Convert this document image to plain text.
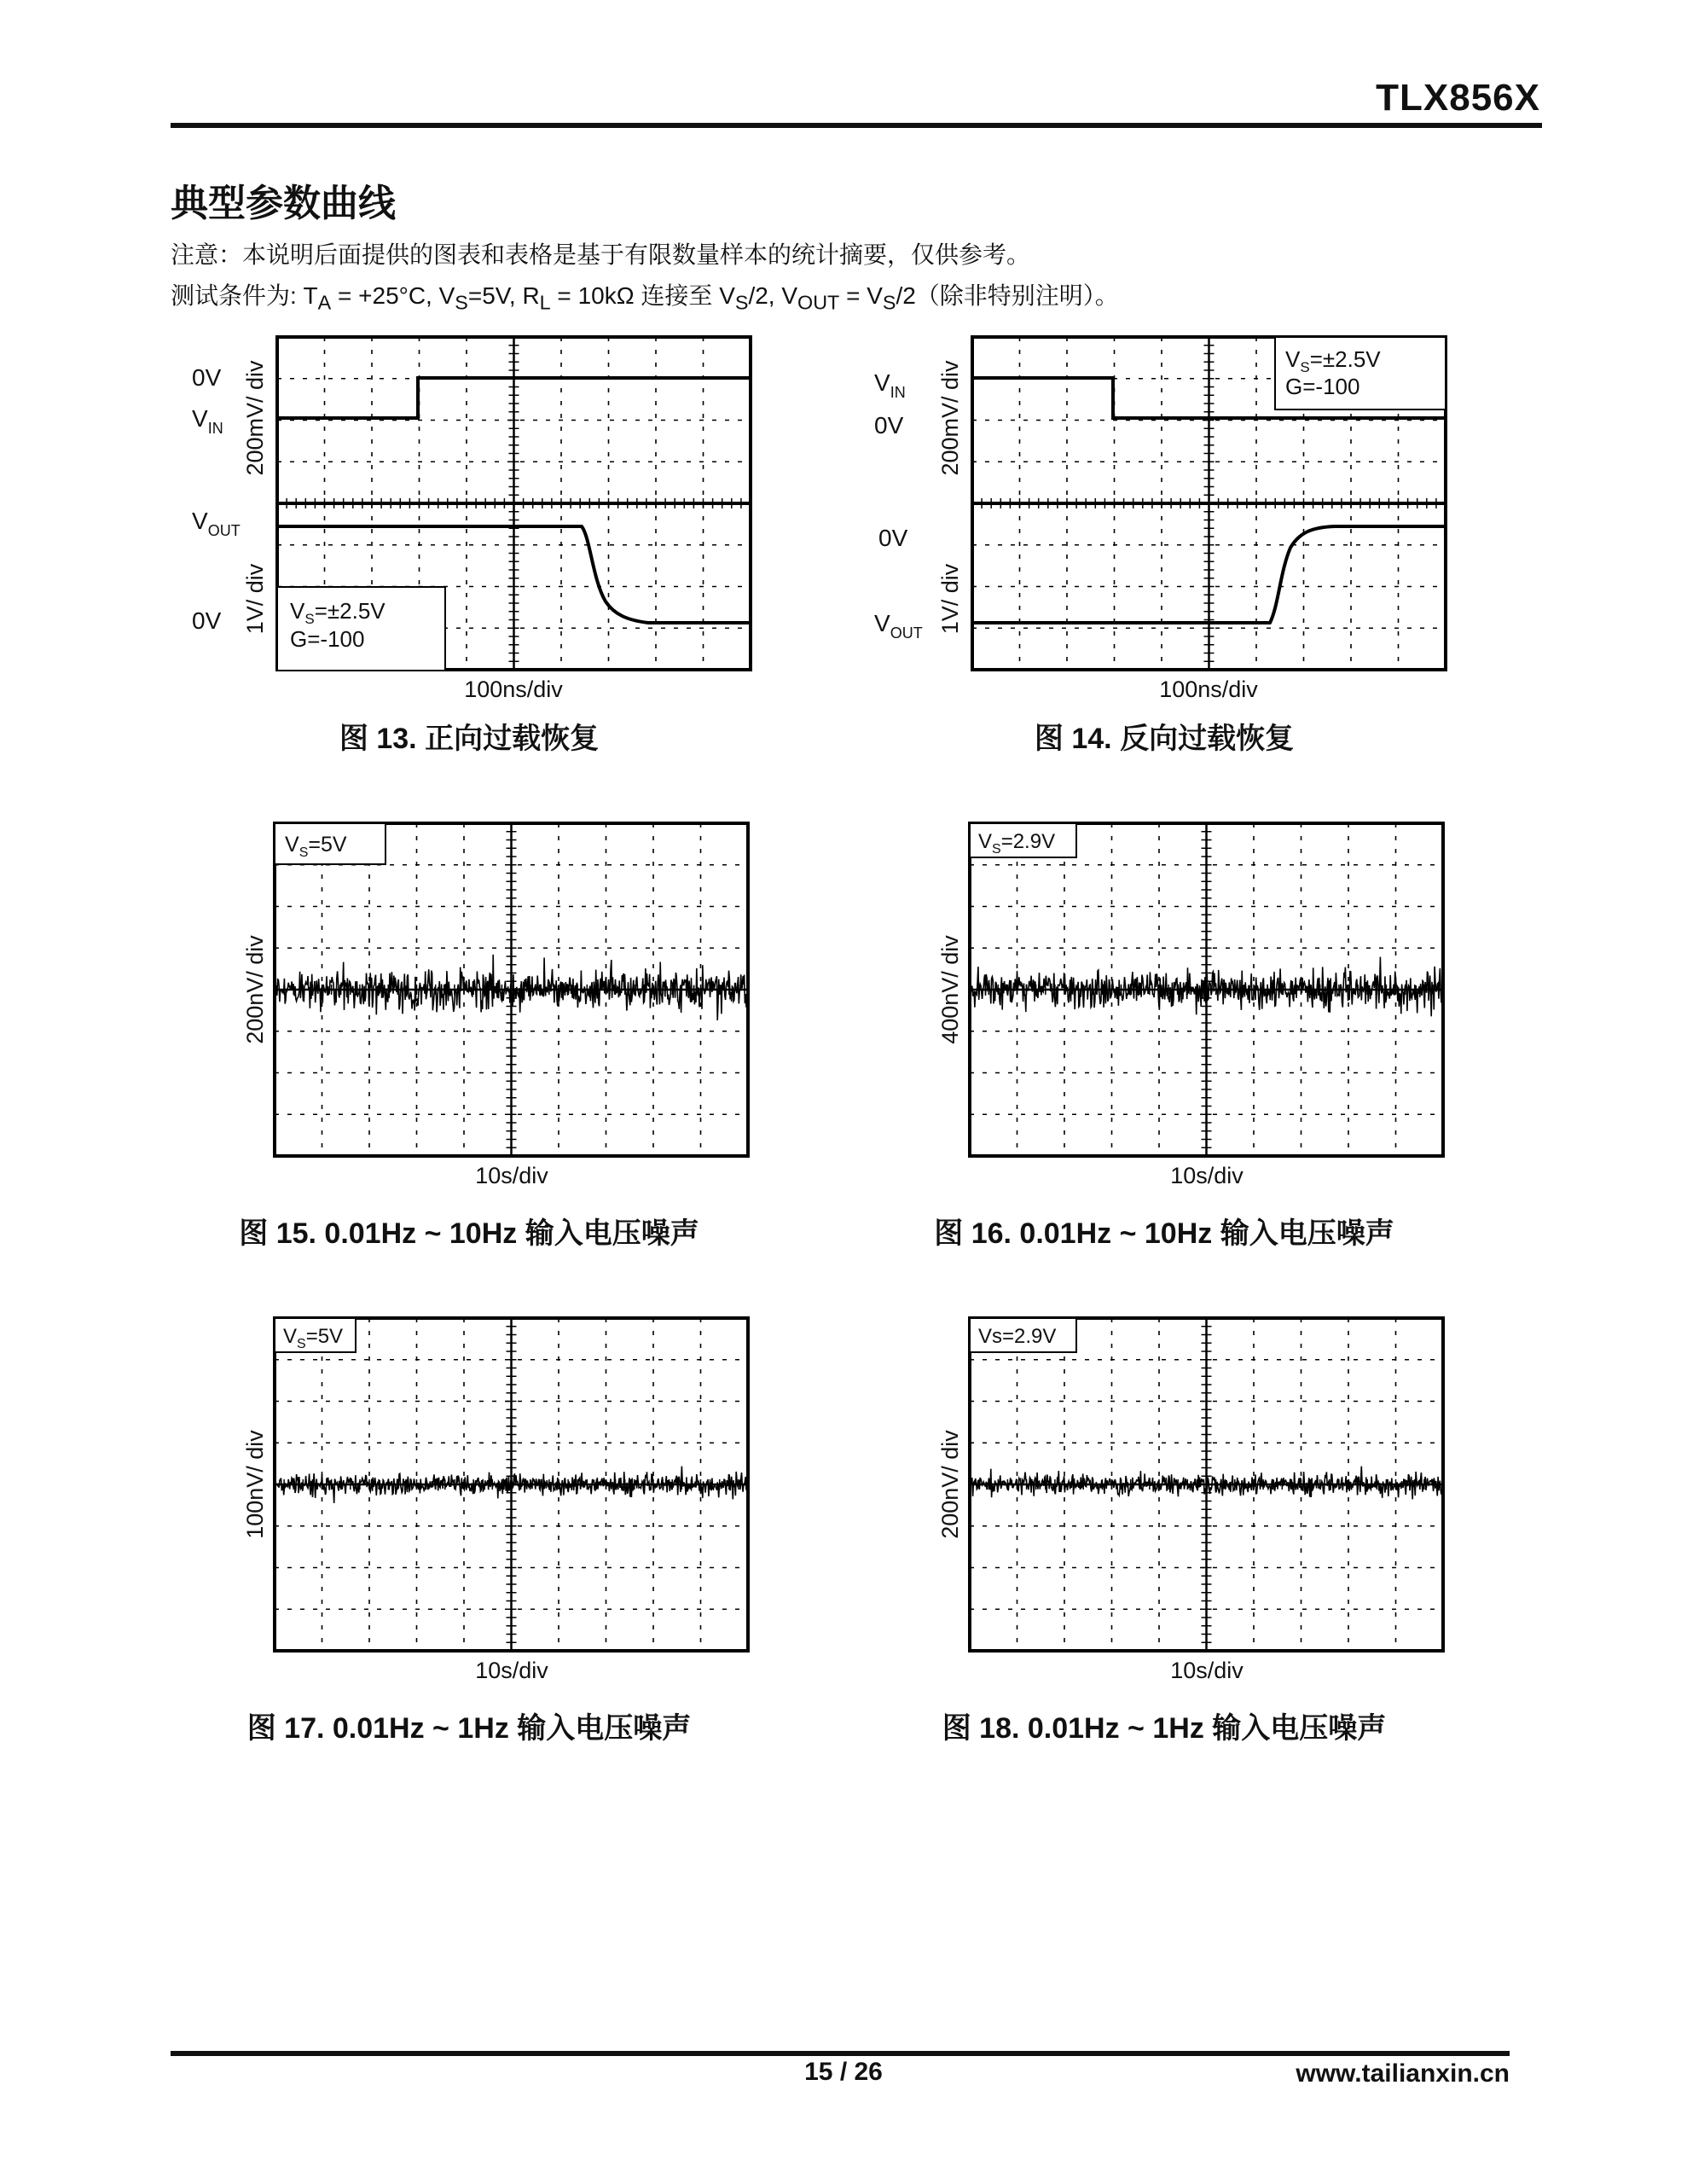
TLX856X
典型参数曲线
注意：本说明后面提供的图表和表格是基于有限数量样本的统计摘要，仅供参考。
测试条件为: $T_A = +25^\circ C$, $V_S=5V$, $R_L = 10k\Omega$ 连接至 $V_S/2$, $V_{OUT} = V_S/2$（除非特别注明）。
$V_S=\pm 2.5V$
G=-100
0V
$V_{IN}$
$V_{OUT}$
0V
200mV/ div
1V/ div
100ns/div
图 13. 正向过载恢复
$V_S=\pm 2.5V$
G=-100
$V_{IN}$
0V
0V
$V_{OUT}$
200mV/ div
1V/ div
100ns/div
图 14. 反向过载恢复
$V_S=5V$
200nV/ div
10s/div
图 15. 0.01Hz ~ 10Hz 输入电压噪声
$V_S=2.9V$
400nV/ div
10s/div
图 16. 0.01Hz ~ 10Hz 输入电压噪声
$V_S=5V$
100nV/ div
10s/div
图 17. 0.01Hz ~ 1Hz 输入电压噪声
Vs=2.9V
200nV/ div
10s/div
图 18. 0.01Hz ~ 1Hz 输入电压噪声
15 / 26	www.tailianxin.cn
